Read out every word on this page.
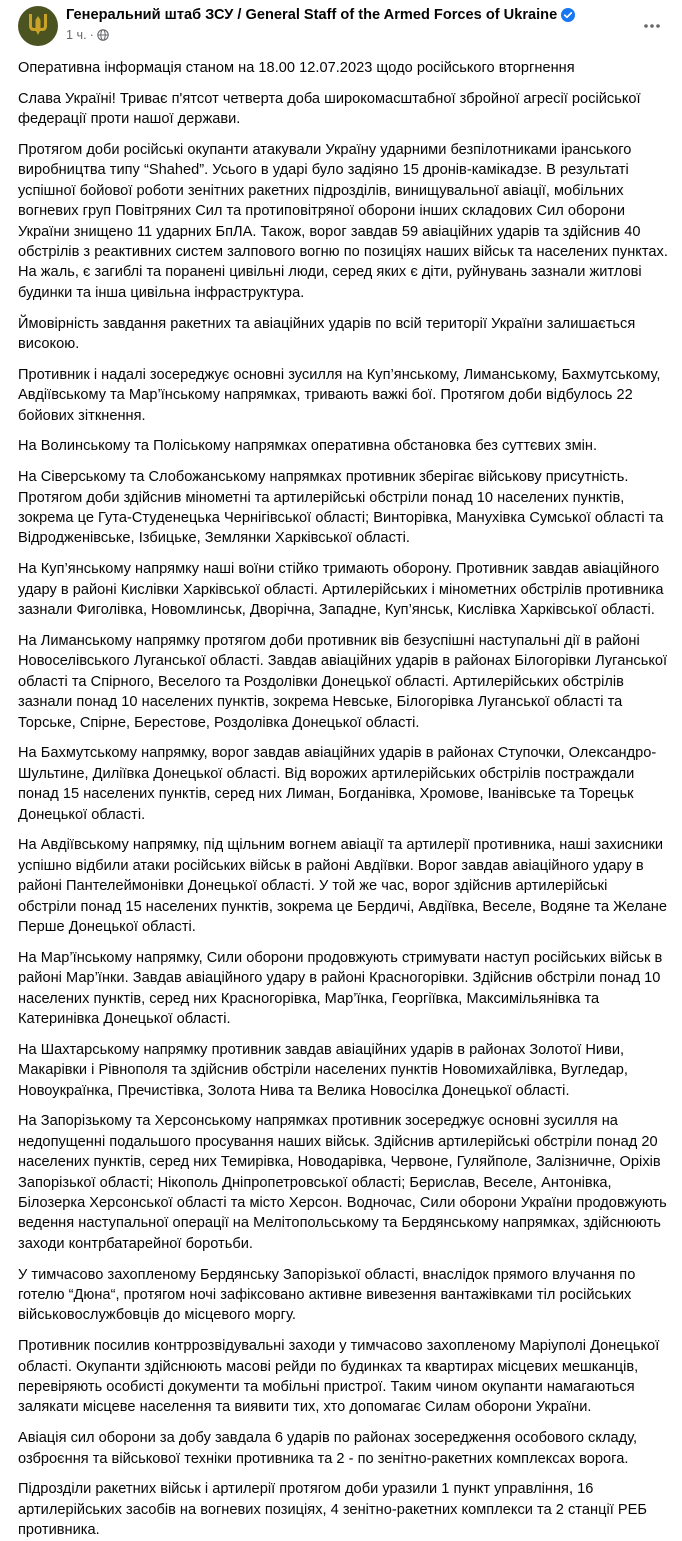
Генеральний штаб ЗСУ / General Staff of the Armed Forces of Ukraine
1 ч. ·

Оперативна інформація станом на 18.00 12.07.2023 щодо російського вторгнення

Слава Україні! Триває п'ятсот четверта доба широкомасштабної збройної агресії російської федерації проти нашої держави.

Протягом доби російські окупанти атакували Україну ударними безпілотниками іранського виробництва типу “Shahed”. Усього в ударі було задіяно 15 дронів-камікадзе. В результаті успішної бойової роботи зенітних ракетних підрозділів, винищувальної авіації, мобільних вогневих груп Повітряних Сил та протиповітряної оборони інших складових Сил оборони України знищено 11 ударних БпЛА. Також, ворог завдав 59 авіаційних ударів та здійснив 40 обстрілів з реактивних систем залпового вогню по позиціях наших військ та населених пунктах. На жаль, є загиблі та поранені цивільні люди, серед яких є діти, руйнувань зазнали житлові будинки та інша цивільна інфраструктура.

Ймовірність завдання ракетних та авіаційних ударів по всій території України залишається високою.

Противник і надалі зосереджує основні зусилля на Куп’янському, Лиманському, Бахмутському, Авдіївському та Мар’їнському напрямках, тривають важкі бої. Протягом доби відбулось 22 бойових зіткнення.

На Волинському та Поліському напрямках оперативна обстановка без суттєвих змін.

На Сіверському та Слобожанському напрямках противник зберігає військову присутність. Протягом доби здійснив мінометні та артилерійські обстріли понад 10 населених пунктів, зокрема це Гута-Студенецька Чернігівської області; Винторівка, Манухівка Сумської області та Відродженівське, Ізбицьке, Землянки Харківської області.

На Куп’янському напрямку наші воїни стійко тримають оборону. Противник завдав авіаційного удару в районі Кислівки Харківської області. Артилерійських і мінометних обстрілів противника зазнали Фиголівка, Новомлинськ, Дворічна, Западне, Куп’янськ, Кислівка Харківської області.

На Лиманському напрямку протягом доби противник вів безуспішні наступальні дії в районі Новоселівського Луганської області. Завдав авіаційних ударів в районах Білогорівки Луганської області та Спірного, Веселого та Роздолівки Донецької області. Артилерійських обстрілів зазнали понад 10 населених пунктів, зокрема Невське, Білогорівка Луганської області та Торське, Спірне, Берестове, Роздолівка Донецької області.

На Бахмутському напрямку, ворог завдав авіаційних ударів в районах Ступочки, Олександро-Шультине, Диліївка Донецької області. Від ворожих артилерійських обстрілів постраждали понад 15 населених пунктів, серед них Лиман, Богданівка, Хромове, Іванівське та Торецьк Донецької області.

На Авдіївському напрямку, під щільним вогнем авіації та артилерії противника, наші захисники успішно відбили атаки російських військ в районі Авдіївки. Ворог завдав авіаційного удару в районі Пантелеймонівки Донецької області. У той же час, ворог здійснив артилерійські обстріли понад 15 населених пунктів, зокрема це Бердичі, Авдіївка, Веселе, Водяне та Желане Перше Донецької області.

На Мар’їнському напрямку, Сили оборони продовжують стримувати наступ російських військ в районі Мар’їнки. Завдав авіаційного удару в районі Красногорівки. Здійснив обстріли понад 10 населених пунктів, серед них Красногорівка, Мар’їнка, Георгіївка, Максимільянівка та Катеринівка Донецької області.

На Шахтарському напрямку противник завдав авіаційних ударів в районах Золотої Ниви, Макарівки і Рівнополя та здійснив обстріли населених пунктів Новомихайлівка, Вугледар, Новоукраїнка, Пречистівка, Золота Нива та Велика Новосілка Донецької області.

На Запорізькому та Херсонському напрямках противник зосереджує основні зусилля на недопущенні подальшого просування наших військ. Здійснив артилерійські обстріли понад 20 населених пунктів, серед них Темирівка, Новодарівка, Червоне, Гуляйполе, Залізничне, Оріхів Запорізької області; Нікополь Дніпропетровської області; Берислав, Веселе, Антонівка, Білозерка Херсонської області та місто Херсон. Водночас, Сили оборони України продовжують ведення наступальної операції на Мелітопольському та Бердянському напрямках, здійснюють заходи контрбатарейної боротьби.

У тимчасово захопленому Бердянську Запорізької області, внаслідок прямого влучання по готелю “Дюна“, протягом ночі зафіксовано активне вивезення вантажівками тіл російських військовослужбовців до місцевого моргу.

Противник посилив контррозвідувальні заходи у тимчасово захопленому Маріуполі Донецької області. Окупанти здійснюють масові рейди по будинках та квартирах місцевих мешканців, перевіряють особисті документи та мобільні пристрої. Таким чином окупанти намагаються залякати місцеве населення та виявити тих, хто допомагає Силам оборони України.

Авіація сил оборони за добу завдала 6 ударів по районах зосередження особового складу, озброєння та військової техніки противника та 2 - по зенітно-ракетних комплексах ворога.

Підрозділи ракетних військ і артилерії протягом доби уразили 1 пункт управління, 16 артилерійських засобів на вогневих позиціях, 4 зенітно-ракетних комплекси та 2 станції РЕБ противника.
